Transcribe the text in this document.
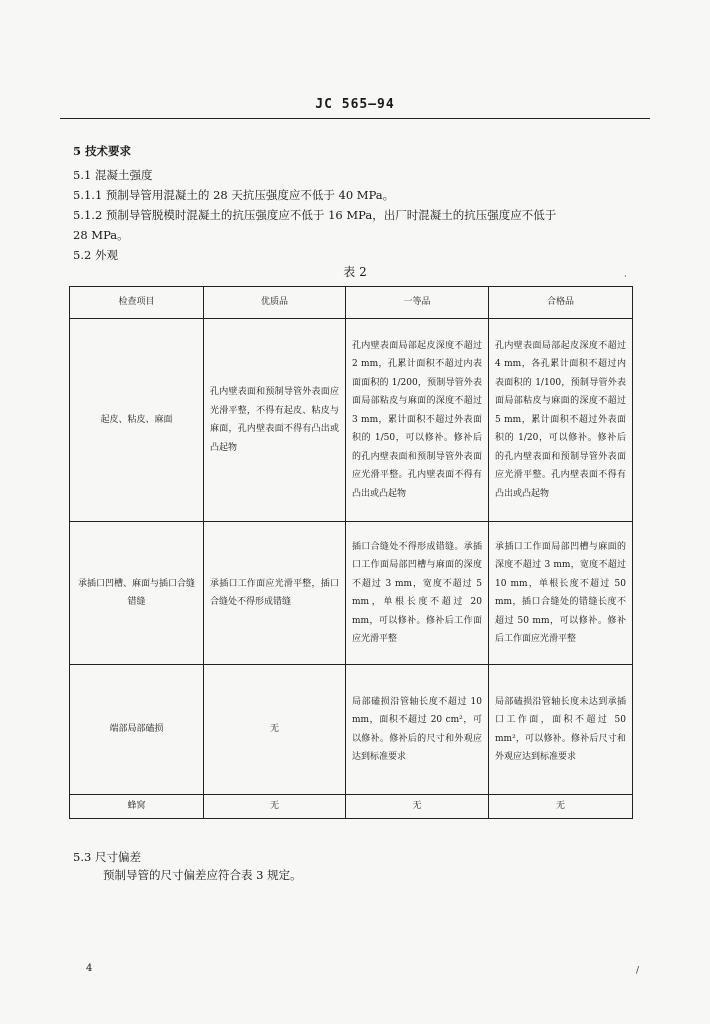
JC 565—94
5 技术要求
5.1 混凝土强度
5.1.1 预制导管用混凝土的 28 天抗压强度应不低于 40 MPa。
5.1.2 预制导管脱模时混凝土的抗压强度应不低于 16 MPa，出厂时混凝土的抗压强度应不低于
28 MPa。
5.2 外观
表 2
检查项目	优质品	一等品	合格品
起皮、粘皮、麻面	孔内壁表面和预制导管外表面应光滑平整，不得有起皮、粘皮与麻面，孔内壁表面不得有凸出或凸起物	孔内壁表面局部起皮深度不超过 2 mm，孔累计面积不超过内表面面积的 1/200，预制导管外表面局部粘皮与麻面的深度不超过 3 mm，累计面积不超过外表面积的 1/50，可以修补。修补后的孔内壁表面和预制导管外表面应光滑平整。孔内壁表面不得有凸出或凸起物	孔内壁表面局部起皮深度不超过 4 mm，各孔累计面积不超过内表面积的 1/100，预制导管外表面局部粘皮与麻面的深度不超过 5 mm，累计面积不超过外表面积的 1/20，可以修补。修补后的孔内壁表面和预制导管外表面应光滑平整。孔内壁表面不得有凸出或凸起物
承插口凹槽、麻面与插口合缝错缝	承插口工作面应光滑平整，插口合缝处不得形成错缝	插口合缝处不得形成错缝。承插口工作面局部凹槽与麻面的深度不超过 3 mm，宽度不超过 5 mm，单根长度不超过 20 mm，可以修补。修补后工作面应光滑平整	承插口工作面局部凹槽与麻面的深度不超过 3 mm，宽度不超过 10 mm，单根长度不超过 50 mm，插口合缝处的错缝长度不超过 50 mm，可以修补。修补后工作面应光滑平整
端部局部磕损	无	局部磕损沿管轴长度不超过 10 mm，面积不超过 20 cm²，可以修补。修补后的尺寸和外观应达到标准要求	局部磕损沿管轴长度未达到承插口工作面，面积不超过 50 mm²，可以修补。修补后尺寸和外观应达到标准要求
蜂窝	无	无	无
5.3 尺寸偏差
预制导管的尺寸偏差应符合表 3 规定。
4
·
/
